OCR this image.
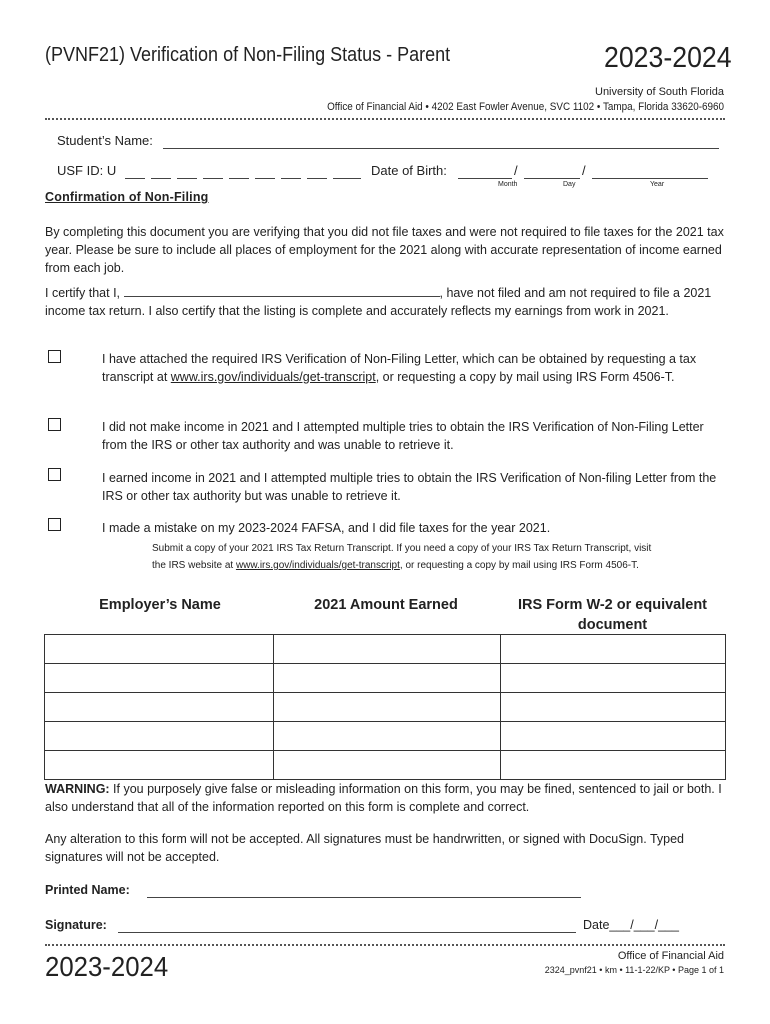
(PVNF21) Verification of Non-Filing Status - Parent	2023-2024
University of South Florida
Office of Financial Aid • 4202 East Fowler Avenue, SVC 1102 • Tampa, Florida 33620-6960
Student’s Name:
USF ID: U	Date of Birth:	/	/
Month	Day	Year
Confirmation of Non-Filing
By completing this document you are verifying that you did not file taxes and were not required to file taxes for the 2021 tax year. Please be sure to include all places of employment for the 2021 along with accurate representation of income earned from each job.
I certify that I,	, have not filed and am not required to file a 2021 income tax return. I also certify that the listing is complete and accurately reflects my earnings from work in 2021.
I have attached the required IRS Verification of Non-Filing Letter, which can be obtained by requesting a tax transcript at www.irs.gov/individuals/get-transcript, or requesting a copy by mail using IRS Form 4506-T.
I did not make income in 2021 and I attempted multiple tries to obtain the IRS Verification of Non-Filing Letter from the IRS or other tax authority and was unable to retrieve it.
I earned income in 2021 and I attempted multiple tries to obtain the IRS Verification of Non-filing Letter from the IRS or other tax authority but was unable to retrieve it.
I made a mistake on my 2023-2024 FAFSA, and I did file taxes for the year 2021.
Submit a copy of your 2021 IRS Tax Return Transcript. If you need a copy of your IRS Tax Return Transcript, visit
the IRS website at www.irs.gov/individuals/get-transcript, or requesting a copy by mail using IRS Form 4506-T.
Employer’s Name	2021 Amount Earned	IRS Form W-2 or equivalent document

WARNING: If you purposely give false or misleading information on this form, you may be fined, sentenced to jail or both. I also understand that all of the information reported on this form is complete and correct.
Any alteration to this form will not be accepted. All signatures must be handrwritten, or signed with DocuSign. Typed signatures will not be accepted.
Printed Name:
Signature:	Date___/___/___
2023-2024	Office of Financial Aid
2324_pvnf21 • km • 11-1-22/KP • Page 1 of 1
